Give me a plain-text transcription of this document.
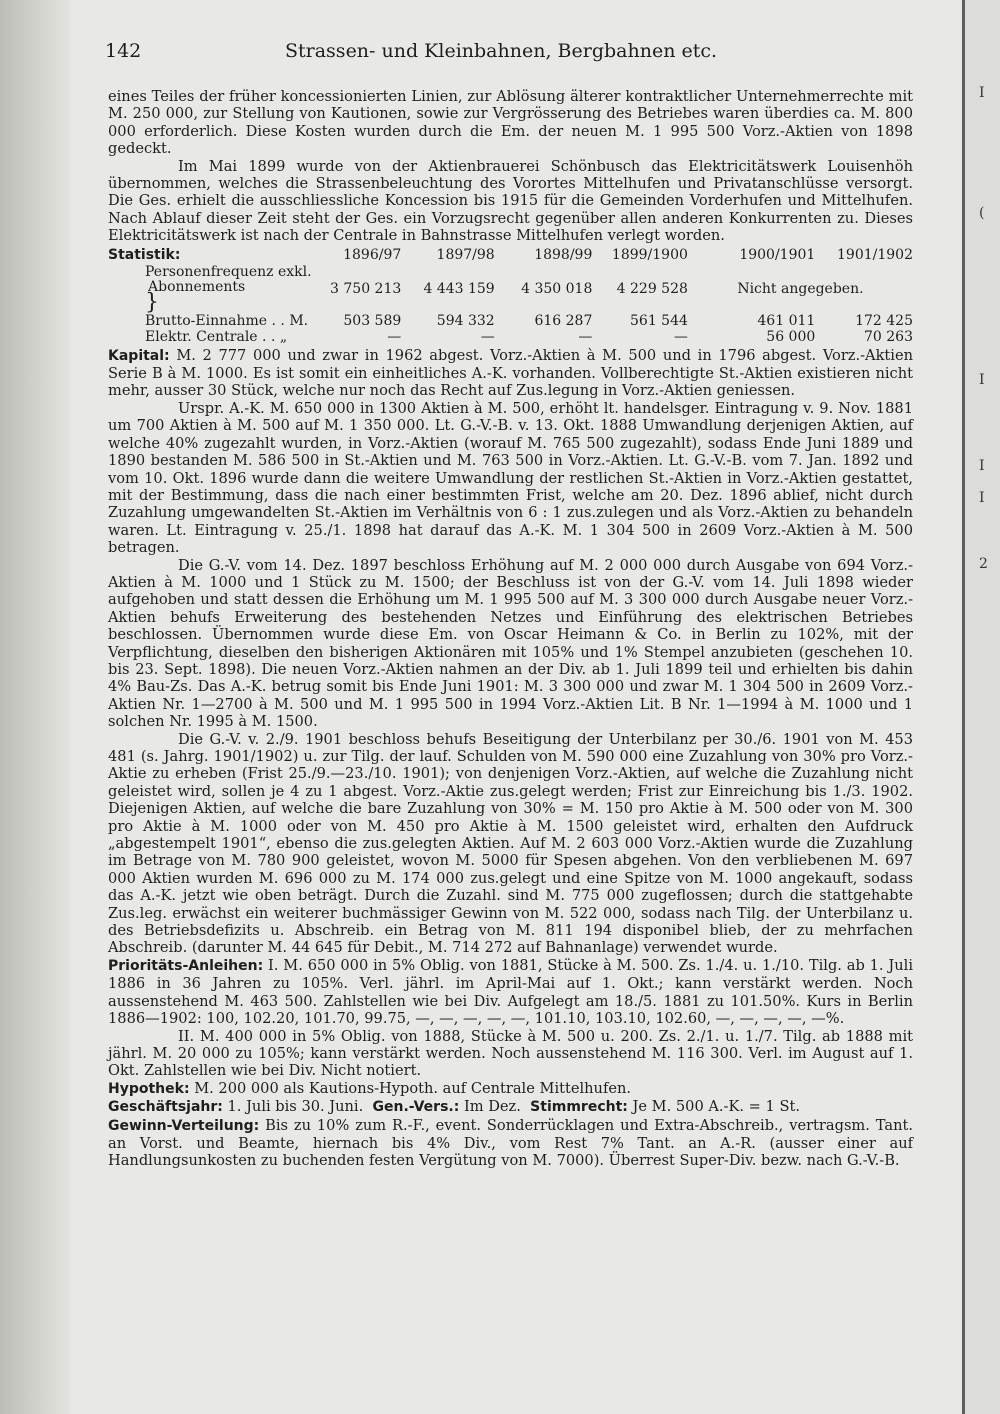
142	Strassen- und Kleinbahnen, Bergbahnen etc.

eines Teiles der früher koncessionierten Linien, zur Ablösung älterer kontraktlicher Unternehmerrechte mit M. 250 000, zur Stellung von Kautionen, sowie zur Vergrösserung des Betriebes waren überdies ca. M. 800 000 erforderlich. Diese Kosten wurden durch die Em. der neuen M. 1 995 500 Vorz.-Aktien von 1898 gedeckt.

Im Mai 1899 wurde von der Aktienbrauerei Schönbusch das Elektricitätswerk Louisenhöh übernommen, welches die Strassenbeleuchtung des Vorortes Mittelhufen und Privatanschlüsse versorgt. Die Ges. erhielt die ausschliessliche Koncession bis 1915 für die Gemeinden Vorderhufen und Mittelhufen. Nach Ablauf dieser Zeit steht der Ges. ein Vorzugsrecht gegenüber allen anderen Konkurrenten zu. Dieses Elektricitätswerk ist nach der Centrale in Bahnstrasse Mittelhufen verlegt worden.

Statistik:	1896/97	1897/98	1898/99	1899/1900	1900/1901	1901/1902
Personenfrequenz exkl.
Abonnements }	3 750 213	4 443 159	4 350 018	4 229 528	Nicht angegeben.	
Brutto-Einnahme . . M.	503 589	594 332	616 287	561 544	461 011	172 425
Elektr. Centrale . . „	—	—	—	—	56 000	70 263

Kapital: M. 2 777 000 und zwar in 1962 abgest. Vorz.-Aktien à M. 500 und in 1796 abgest. Vorz.-Aktien Serie B à M. 1000. Es ist somit ein einheitliches A.-K. vorhanden. Vollberechtigte St.-Aktien existieren nicht mehr, ausser 30 Stück, welche nur noch das Recht auf Zus.legung in Vorz.-Aktien geniessen.

Urspr. A.-K. M. 650 000 in 1300 Aktien à M. 500, erhöht lt. handelsger. Eintragung v. 9. Nov. 1881 um 700 Aktien à M. 500 auf M. 1 350 000. Lt. G.-V.-B. v. 13. Okt. 1888 Umwandlung derjenigen Aktien, auf welche 40% zugezahlt wurden, in Vorz.-Aktien (worauf M. 765 500 zugezahlt), sodass Ende Juni 1889 und 1890 bestanden M. 586 500 in St.-Aktien und M. 763 500 in Vorz.-Aktien. Lt. G.-V.-B. vom 7. Jan. 1892 und vom 10. Okt. 1896 wurde dann die weitere Umwandlung der restlichen St.-Aktien in Vorz.-Aktien gestattet, mit der Bestimmung, dass die nach einer bestimmten Frist, welche am 20. Dez. 1896 ablief, nicht durch Zuzahlung umgewandelten St.-Aktien im Verhältnis von 6 : 1 zus.zulegen und als Vorz.-Aktien zu behandeln waren. Lt. Eintragung v. 25./1. 1898 hat darauf das A.-K. M. 1 304 500 in 2609 Vorz.-Aktien à M. 500 betragen.

Die G.-V. vom 14. Dez. 1897 beschloss Erhöhung auf M. 2 000 000 durch Ausgabe von 694 Vorz.-Aktien à M. 1000 und 1 Stück zu M. 1500; der Beschluss ist von der G.-V. vom 14. Juli 1898 wieder aufgehoben und statt dessen die Erhöhung um M. 1 995 500 auf M. 3 300 000 durch Ausgabe neuer Vorz.-Aktien behufs Erweiterung des bestehenden Netzes und Einführung des elektrischen Betriebes beschlossen. Übernommen wurde diese Em. von Oscar Heimann & Co. in Berlin zu 102%, mit der Verpflichtung, dieselben den bisherigen Aktionären mit 105% und 1% Stempel anzubieten (geschehen 10. bis 23. Sept. 1898). Die neuen Vorz.-Aktien nahmen an der Div. ab 1. Juli 1899 teil und erhielten bis dahin 4% Bau-Zs. Das A.-K. betrug somit bis Ende Juni 1901: M. 3 300 000 und zwar M. 1 304 500 in 2609 Vorz.-Aktien Nr. 1—2700 à M. 500 und M. 1 995 500 in 1994 Vorz.-Aktien Lit. B Nr. 1—1994 à M. 1000 und 1 solchen Nr. 1995 à M. 1500.

Die G.-V. v. 2./9. 1901 beschloss behufs Beseitigung der Unterbilanz per 30./6. 1901 von M. 453 481 (s. Jahrg. 1901/1902) u. zur Tilg. der lauf. Schulden von M. 590 000 eine Zuzahlung von 30% pro Vorz.-Aktie zu erheben (Frist 25./9.—23./10. 1901); von denjenigen Vorz.-Aktien, auf welche die Zuzahlung nicht geleistet wird, sollen je 4 zu 1 abgest. Vorz.-Aktie zus.gelegt werden; Frist zur Einreichung bis 1./3. 1902. Diejenigen Aktien, auf welche die bare Zuzahlung von 30% = M. 150 pro Aktie à M. 500 oder von M. 300 pro Aktie à M. 1000 oder von M. 450 pro Aktie à M. 1500 geleistet wird, erhalten den Aufdruck „abgestempelt 1901“, ebenso die zus.gelegten Aktien. Auf M. 2 603 000 Vorz.-Aktien wurde die Zuzahlung im Betrage von M. 780 900 geleistet, wovon M. 5000 für Spesen abgehen. Von den verbliebenen M. 697 000 Aktien wurden M. 696 000 zu M. 174 000 zus.gelegt und eine Spitze von M. 1000 angekauft, sodass das A.-K. jetzt wie oben beträgt. Durch die Zuzahl. sind M. 775 000 zugeflossen; durch die stattgehabte Zus.leg. erwächst ein weiterer buchmässiger Gewinn von M. 522 000, sodass nach Tilg. der Unterbilanz u. des Betriebsdefizits u. Abschreib. ein Betrag von M. 811 194 disponibel blieb, der zu mehrfachen Abschreib. (darunter M. 44 645 für Debit., M. 714 272 auf Bahnanlage) verwendet wurde.

Prioritäts-Anleihen: I. M. 650 000 in 5% Oblig. von 1881, Stücke à M. 500. Zs. 1./4. u. 1./10. Tilg. ab 1. Juli 1886 in 36 Jahren zu 105%. Verl. jährl. im April-Mai auf 1. Okt.; kann verstärkt werden. Noch aussenstehend M. 463 500. Zahlstellen wie bei Div. Aufgelegt am 18./5. 1881 zu 101.50%. Kurs in Berlin 1886—1902: 100, 102.20, 101.70, 99.75, —, —, —, —, —, 101.10, 103.10, 102.60, —, —, —, —, —%.

II. M. 400 000 in 5% Oblig. von 1888, Stücke à M. 500 u. 200. Zs. 2./1. u. 1./7. Tilg. ab 1888 mit jährl. M. 20 000 zu 105%; kann verstärkt werden. Noch aussenstehend M. 116 300. Verl. im August auf 1. Okt. Zahlstellen wie bei Div. Nicht notiert.

Hypothek: M. 200 000 als Kautions-Hypoth. auf Centrale Mittelhufen.

Geschäftsjahr: 1. Juli bis 30. Juni. Gen.-Vers.: Im Dez. Stimmrecht: Je M. 500 A.-K. = 1 St.

Gewinn-Verteilung: Bis zu 10% zum R.-F., event. Sonderrücklagen und Extra-Abschreib., vertragsm. Tant. an Vorst. und Beamte, hiernach bis 4% Div., vom Rest 7% Tant. an A.-R. (ausser einer auf Handlungsunkosten zu buchenden festen Vergütung von M. 7000). Überrest Super-Div. bezw. nach G.-V.-B.

I
(
I
I
I
2
